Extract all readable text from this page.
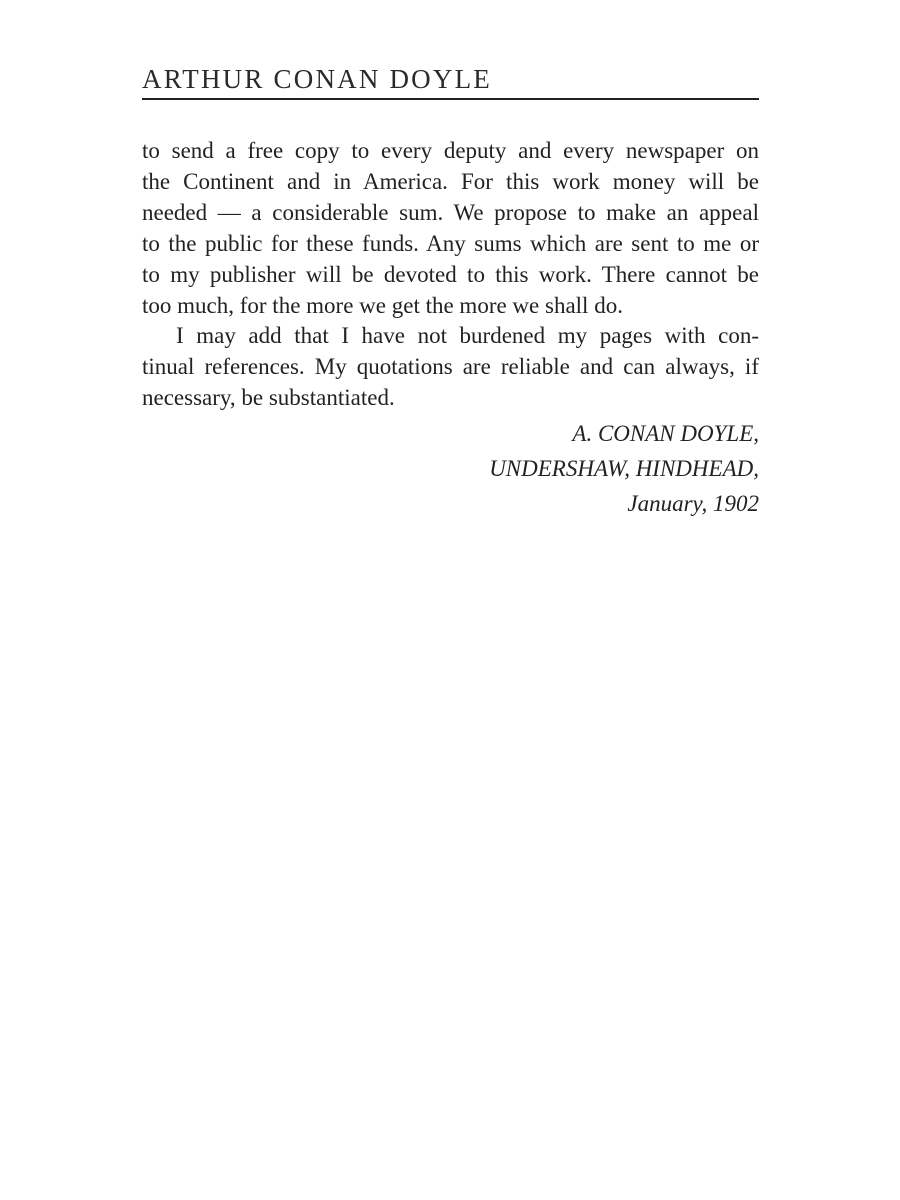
ARTHUR CONAN DOYLE
to send a free copy to every deputy and every newspaper on
the Continent and in America. For this work money will be
needed — a considerable sum. We propose to make an appeal
to the public for these funds. Any sums which are sent to me or
to my publisher will be devoted to this work. There cannot be
too much, for the more we get the more we shall do.
I may add that I have not burdened my pages with con-
tinual references. My quotations are reliable and can always, if
necessary, be substantiated.
A. CONAN DOYLE,
UNDERSHAW, HINDHEAD,
January, 1902
